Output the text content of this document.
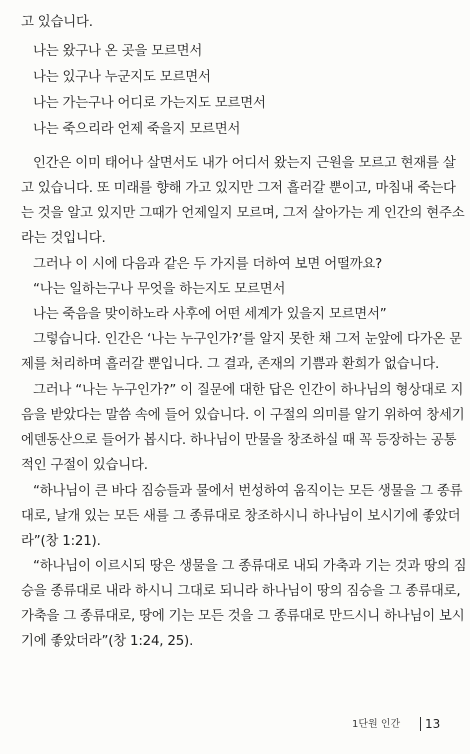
고 있습니다.
나는 왔구나 온 곳을 모르면서
나는 있구나 누군지도 모르면서
나는 가는구나 어디로 가는지도 모르면서
나는 죽으리라 언제 죽을지 모르면서
인간은 이미 태어나 살면서도 내가 어디서 왔는지 근원을 모르고 현재를 살
고 있습니다. 또 미래를 향해 가고 있지만 그저 흘러갈 뿐이고, 마침내 죽는다
는 것을 알고 있지만 그때가 언제일지 모르며, 그저 살아가는 게 인간의 현주소
라는 것입니다.
그러나 이 시에 다음과 같은 두 가지를 더하여 보면 어떨까요?
“나는 일하는구나 무엇을 하는지도 모르면서
나는 죽음을 맞이하노라 사후에 어떤 세계가 있을지 모르면서”
그렇습니다. 인간은 ‘나는 누구인가?’를 알지 못한 채 그저 눈앞에 다가온 문
제를 처리하며 흘러갈 뿐입니다. 그 결과, 존재의 기쁨과 환희가 없습니다.
그러나 “나는 누구인가?” 이 질문에 대한 답은 인간이 하나님의 형상대로 지
음을 받았다는 말씀 속에 들어 있습니다. 이 구절의 의미를 알기 위하여 창세기
에덴동산으로 들어가 봅시다. 하나님이 만물을 창조하실 때 꼭 등장하는 공통
적인 구절이 있습니다.
“하나님이 큰 바다 짐승들과 물에서 번성하여 움직이는 모든 생물을 그 종류
대로, 날개 있는 모든 새를 그 종류대로 창조하시니 하나님이 보시기에 좋았더
라”(창 1:21).
“하나님이 이르시되 땅은 생물을 그 종류대로 내되 가축과 기는 것과 땅의 짐
승을 종류대로 내라 하시니 그대로 되니라 하나님이 땅의 짐승을 그 종류대로,
가축을 그 종류대로, 땅에 기는 모든 것을 그 종류대로 만드시니 하나님이 보시
기에 좋았더라”(창 1:24, 25).
1단원 인간 13
